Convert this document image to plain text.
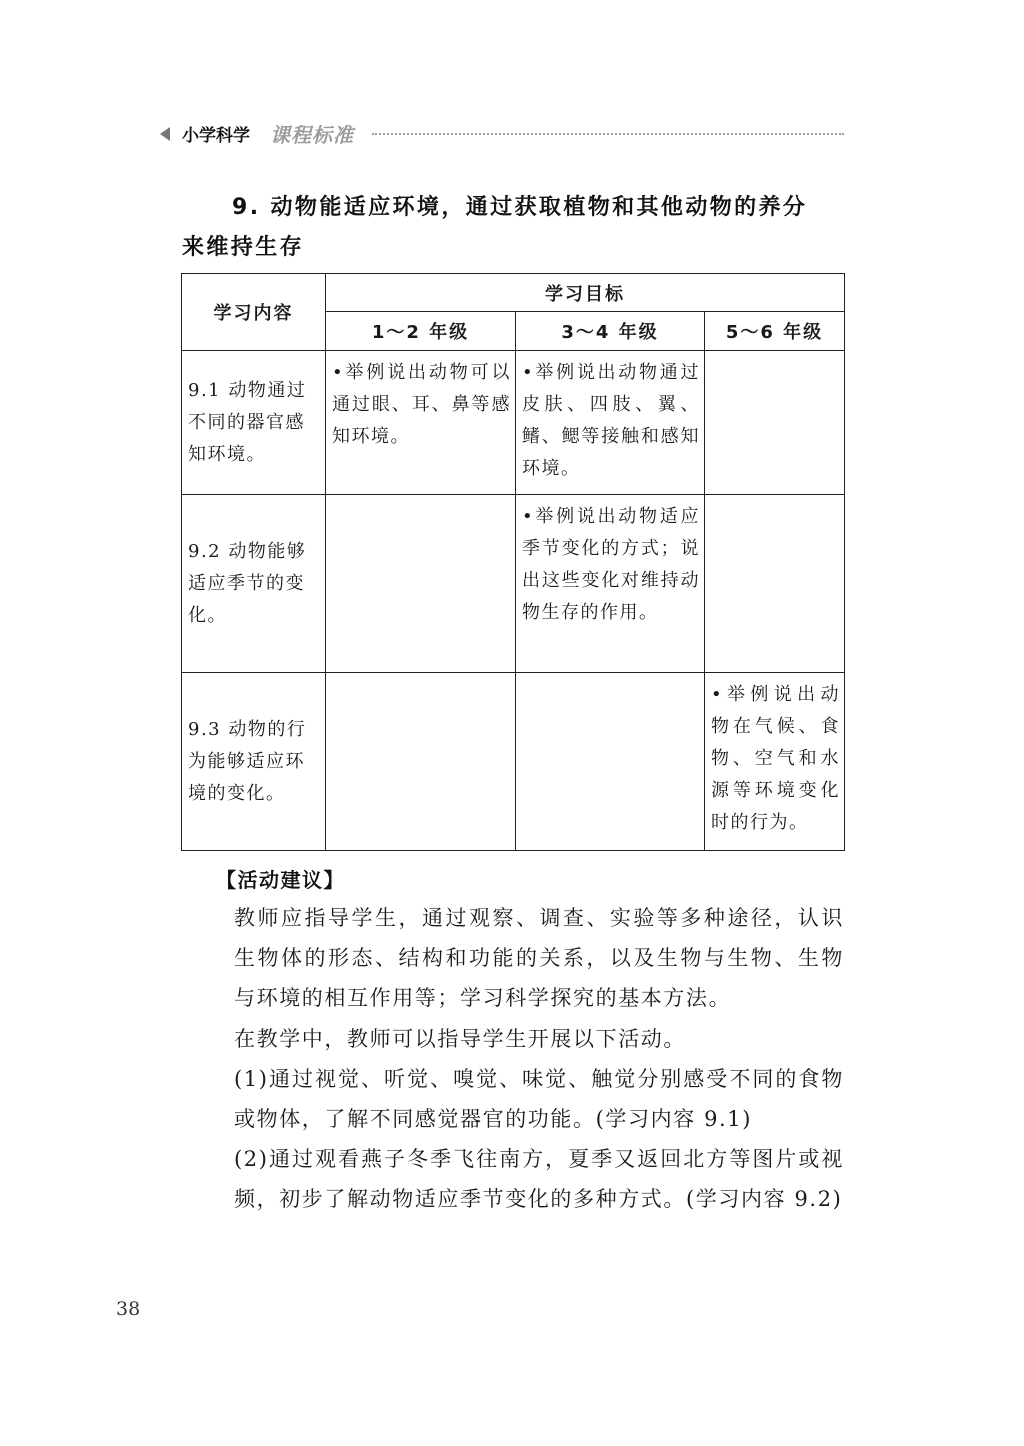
小学科学 课程标准
9. 动物能适应环境，通过获取植物和其他动物的养分
来维持生存
学习内容	学习目标		
	1～2 年级	3～4 年级	5～6 年级
9.1 动物通过不同的器官感知环境。	•举例说出动物可以通过眼、耳、鼻等感知环境。	•举例说出动物通过皮肤、四肢、翼、鳍、鳃等接触和感知环境。	
9.2 动物能够适应季节的变化。		•举例说出动物适应季节变化的方式；说出这些变化对维持动物生存的作用。	
9.3 动物的行为能够适应环境的变化。			•举例说出动物在气候、食物、空气和水源等环境变化时的行为。
【活动建议】
教师应指导学生，通过观察、调查、实验等多种途径，认识生物体的形态、结构和功能的关系，以及生物与生物、生物与环境的相互作用等；学习科学探究的基本方法。
在教学中，教师可以指导学生开展以下活动。
(1)通过视觉、听觉、嗅觉、味觉、触觉分别感受不同的食物或物体，了解不同感觉器官的功能。(学习内容 9.1)
(2)通过观看燕子冬季飞往南方，夏季又返回北方等图片或视频，初步了解动物适应季节变化的多种方式。(学习内容 9.2)
38
